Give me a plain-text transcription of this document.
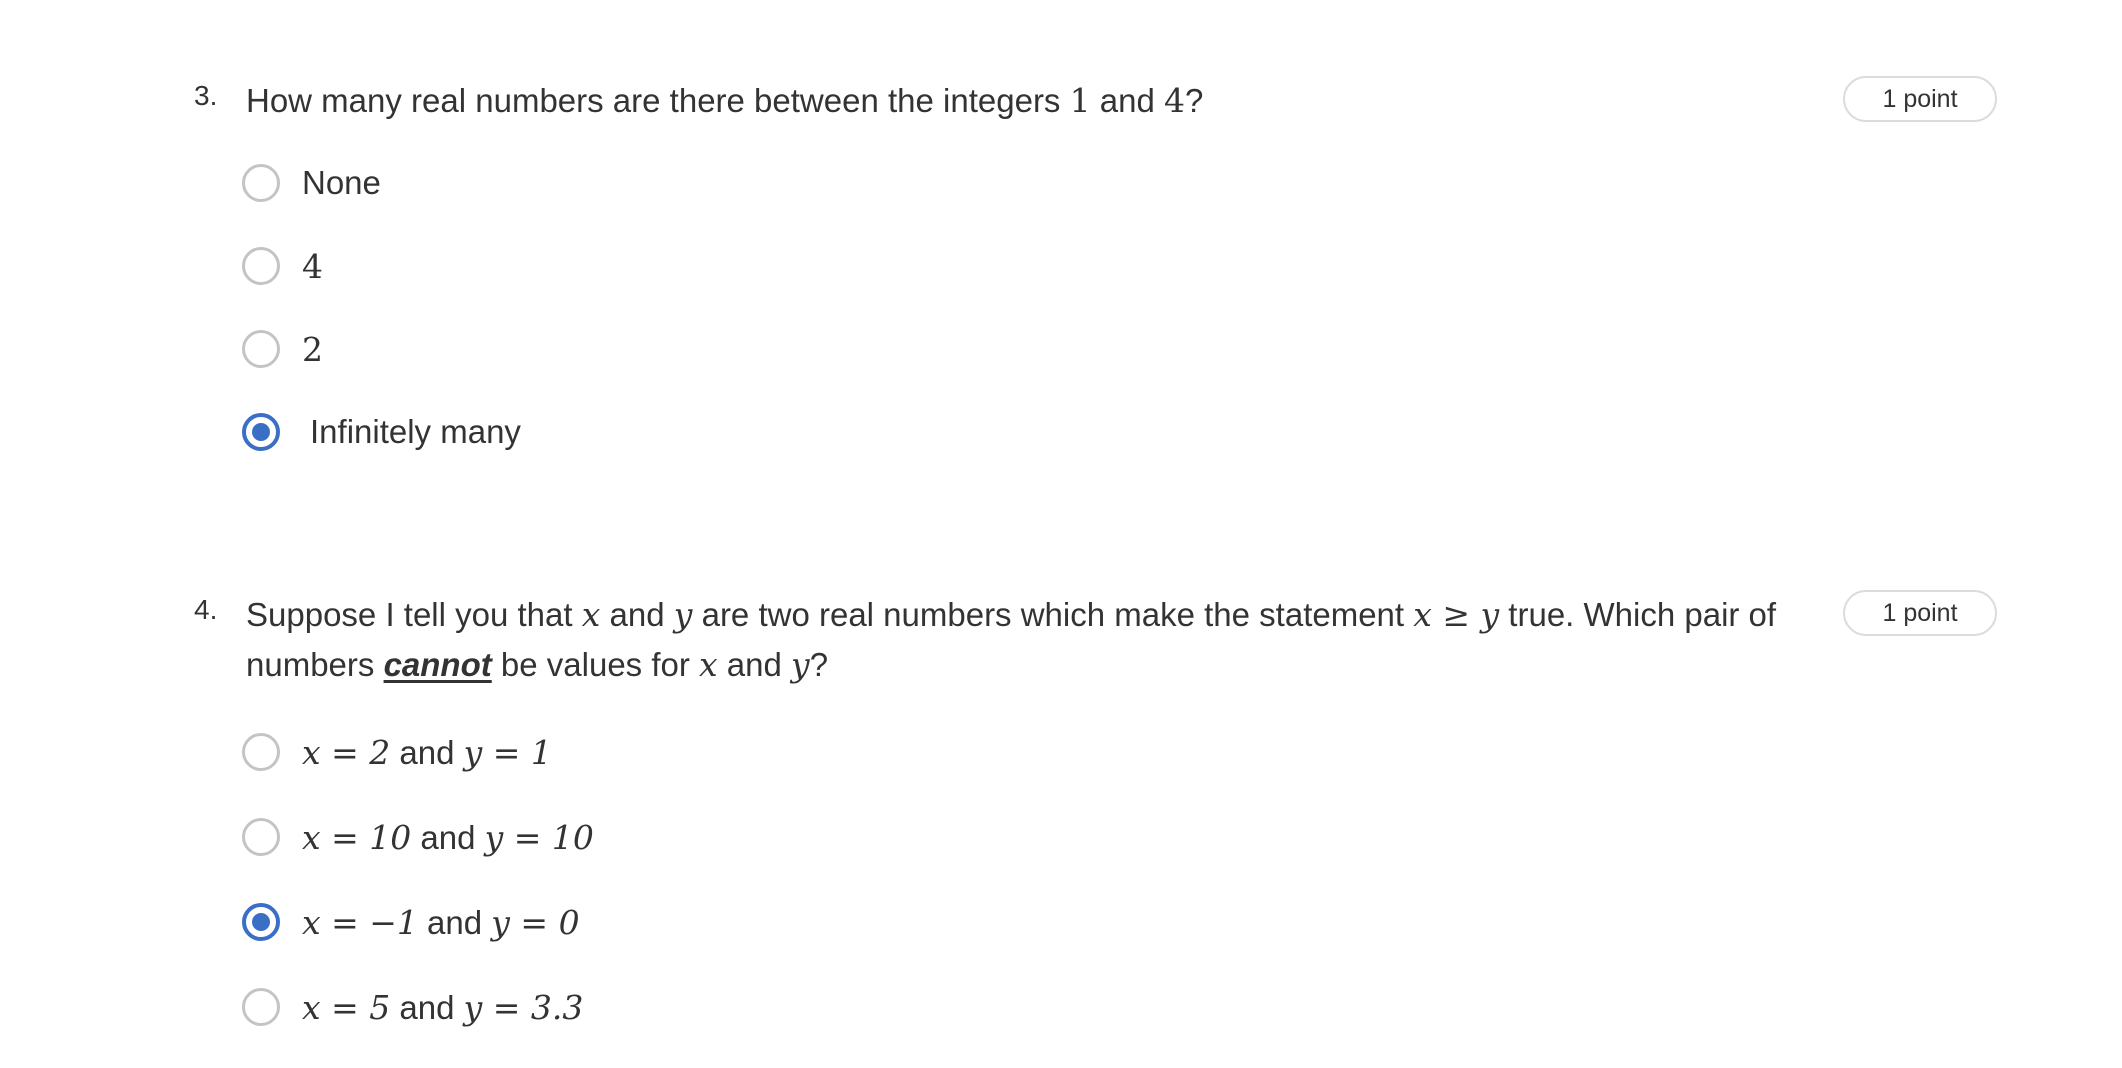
3. How many real numbers are there between the integers 1 and 4?	1 point
None
4
2
Infinitely many
4. Suppose I tell you that x and y are two real numbers which make the statement x ≥ y true. Which pair of numbers cannot be values for x and y?
1 point
x = 2 and y = 1
x = 10 and y = 10
x = −1 and y = 0
x = 5 and y = 3.3
